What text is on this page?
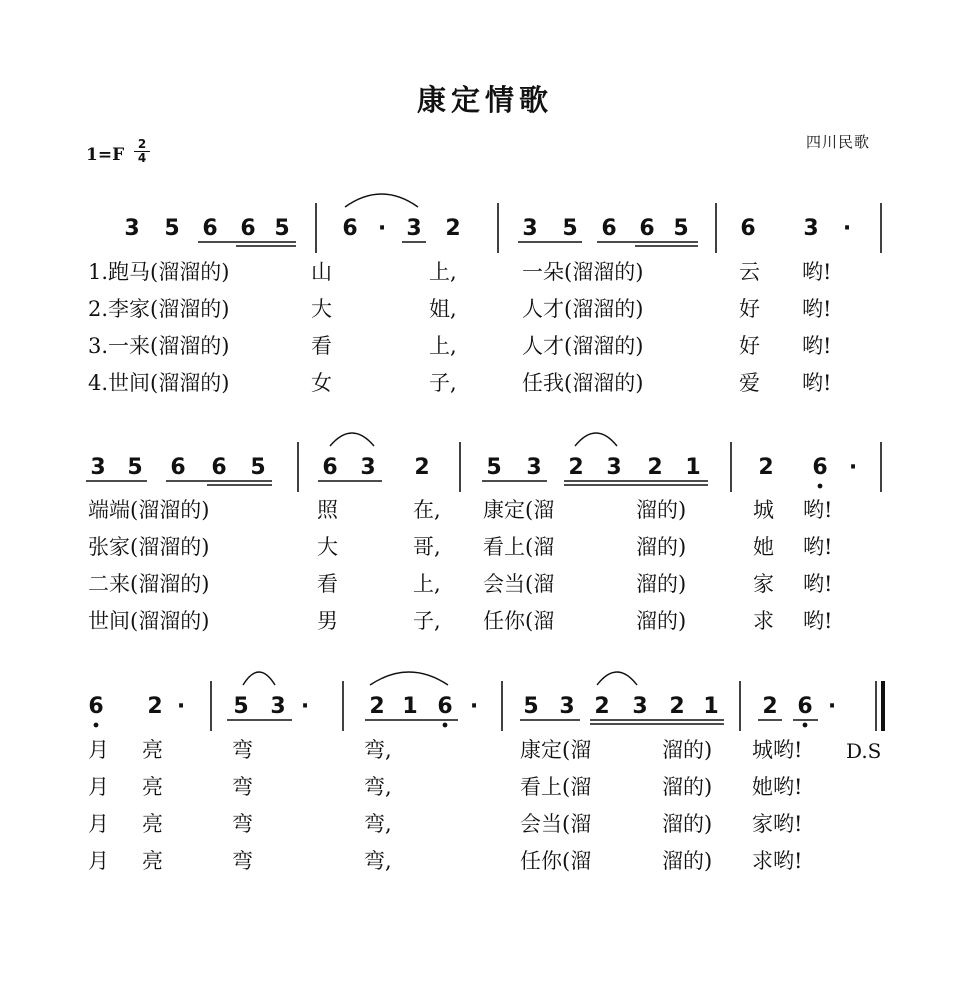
康定情歌
四川民歌
$1=F \frac{2}{4}$
3 5 6 6 5 6 · 3 2	3 5 6 6 5 6 3	·
1.跑马(溜溜的)	山	上,	一朵(溜溜的)	云 哟!
2.李家(溜溜的)	大	姐,	人才(溜溜的)	好 哟!
3.一来(溜溜的)	看	上,	人才(溜溜的)	好 哟!
4.世间(溜溜的)	女	子,	任我(溜溜的)	爱 哟!
3 5 6 6 5	6 3 2	5 3 2 3 2 1	2 6 ·
端端(溜溜的)	照	在, 康定(溜	溜的)	城 哟!
张家(溜溜的)	大	哥, 看上(溜	溜的)	她 哟!
二来(溜溜的)	看	上, 会当(溜	溜的)	家 哟!
世间(溜溜的)	男	子, 任你(溜	溜的)	求 哟!
6 2 ·	5 3 ·	2 1 6 ·	5 3 2 3 2 1 2 6 ·
月 亮	弯	弯,	康定(溜	溜的) 城哟!
月 亮	弯	弯,	看上(溜	溜的) 她哟!
月 亮	弯	弯,	会当(溜	溜的) 家哟!
月 亮	弯	弯,	任你(溜	溜的) 求哟!
D.S
